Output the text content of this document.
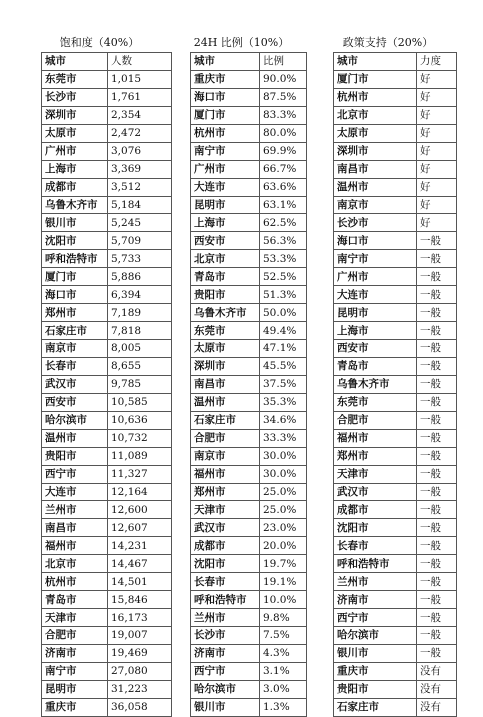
饱和度（40%）
城市	人数
东莞市	1,015
长沙市	1,761
深圳市	2,354
太原市	2,472
广州市	3,076
上海市	3,369
成都市	3,512
乌鲁木齐市	5,184
银川市	5,245
沈阳市	5,709
呼和浩特市	5,733
厦门市	5,886
海口市	6,394
郑州市	7,189
石家庄市	7,818
南京市	8,005
长春市	8,655
武汉市	9,785
西安市	10,585
哈尔滨市	10,636
温州市	10,732
贵阳市	11,089
西宁市	11,327
大连市	12,164
兰州市	12,600
南昌市	12,607
福州市	14,231
北京市	14,467
杭州市	14,501
青岛市	15,846
天津市	16,173
合肥市	19,007
济南市	19,469
南宁市	27,080
昆明市	31,223
重庆市	36,058
24H 比例（10%）
城市	比例
重庆市	90.0%
海口市	87.5%
厦门市	83.3%
杭州市	80.0%
南宁市	69.9%
广州市	66.7%
大连市	63.6%
昆明市	63.1%
上海市	62.5%
西安市	56.3%
北京市	53.3%
青岛市	52.5%
贵阳市	51.3%
乌鲁木齐市	50.0%
东莞市	49.4%
太原市	47.1%
深圳市	45.5%
南昌市	37.5%
温州市	35.3%
石家庄市	34.6%
合肥市	33.3%
南京市	30.0%
福州市	30.0%
郑州市	25.0%
天津市	25.0%
武汉市	23.0%
成都市	20.0%
沈阳市	19.7%
长春市	19.1%
呼和浩特市	10.0%
兰州市	9.8%
长沙市	7.5%
济南市	4.3%
西宁市	3.1%
哈尔滨市	3.0%
银川市	1.3%
政策支持（20%）
城市	力度
厦门市	好
杭州市	好
北京市	好
太原市	好
深圳市	好
南昌市	好
温州市	好
南京市	好
长沙市	好
海口市	一般
南宁市	一般
广州市	一般
大连市	一般
昆明市	一般
上海市	一般
西安市	一般
青岛市	一般
乌鲁木齐市	一般
东莞市	一般
合肥市	一般
福州市	一般
郑州市	一般
天津市	一般
武汉市	一般
成都市	一般
沈阳市	一般
长春市	一般
呼和浩特市	一般
兰州市	一般
济南市	一般
西宁市	一般
哈尔滨市	一般
银川市	一般
重庆市	没有
贵阳市	没有
石家庄市	没有
